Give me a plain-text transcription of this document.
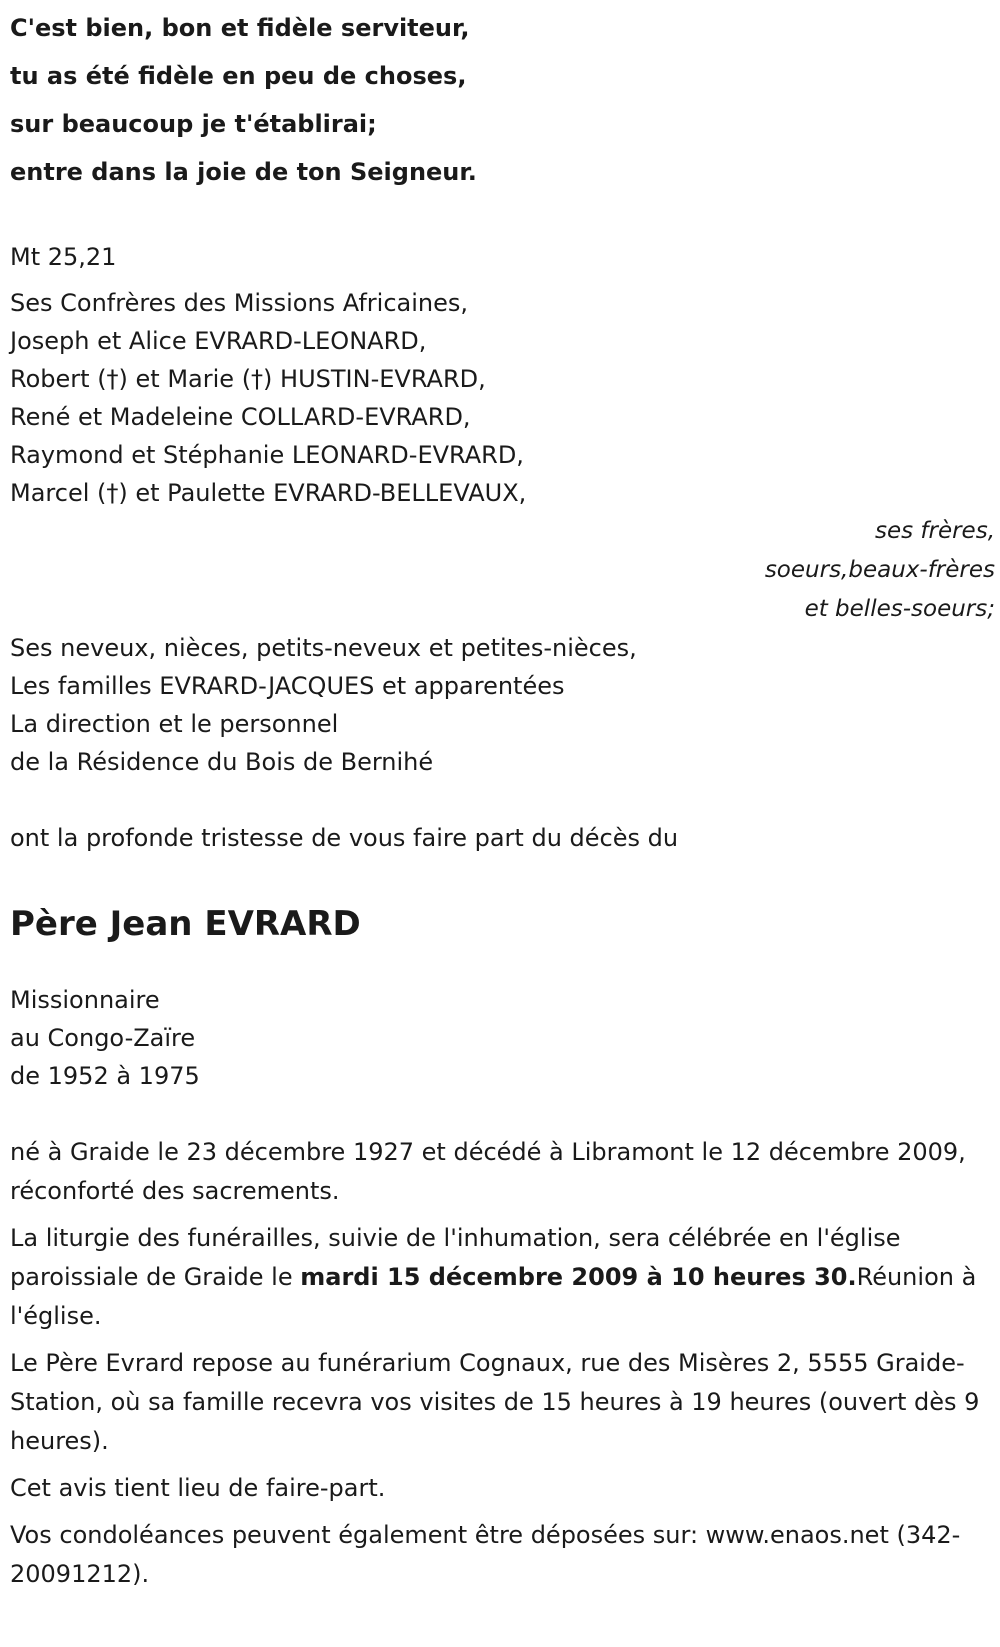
C'est bien, bon et fidèle serviteur,
tu as été fidèle en peu de choses,
sur beaucoup je t'établirai;
entre dans la joie de ton Seigneur.
Mt 25,21
Ses Confrères des Missions Africaines,
Joseph et Alice EVRARD-LEONARD,
Robert (†) et Marie (†) HUSTIN-EVRARD,
René et Madeleine COLLARD-EVRARD,
Raymond et Stéphanie LEONARD-EVRARD,
Marcel (†) et Paulette EVRARD-BELLEVAUX,
ses frères,
soeurs,beaux-frères
et belles-soeurs;
Ses neveux, nièces, petits-neveux et petites-nièces,
Les familles EVRARD-JACQUES et apparentées
La direction et le personnel
de la Résidence du Bois de Bernihé
ont la profonde tristesse de vous faire part du décès du
Père Jean EVRARD
Missionnaire
au Congo-Zaïre
de 1952 à 1975
né à Graide le 23 décembre 1927 et décédé à Libramont le 12 décembre 2009, réconforté des sacrements.
La liturgie des funérailles, suivie de l'inhumation, sera célébrée en l'église paroissiale de Graide le mardi 15 décembre 2009 à 10 heures 30.Réunion à l'église.
Le Père Evrard repose au funérarium Cognaux, rue des Misères 2, 5555 Graide-Station, où sa famille recevra vos visites de 15 heures à 19 heures (ouvert dès 9 heures).
Cet avis tient lieu de faire-part.
Vos condoléances peuvent également être déposées sur: www.enaos.net (342-20091212).
